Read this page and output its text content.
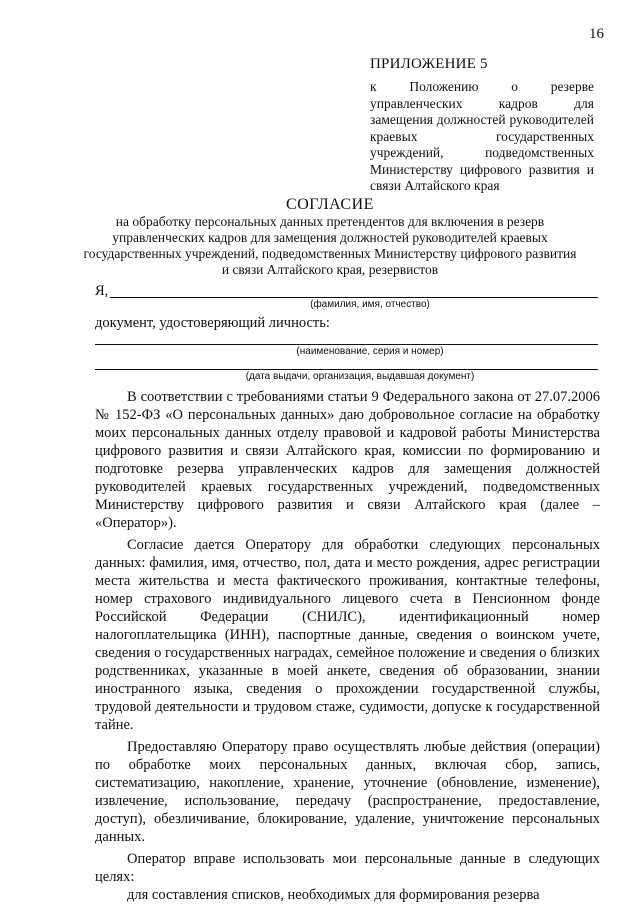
16
ПРИЛОЖЕНИЕ 5
к Положению о резерве управленческих кадров для замещения должностей руководителей краевых государственных учреждений, подведомственных Министерству цифрового развития и связи Алтайского края
СОГЛАСИЕ
на обработку персональных данных претендентов для включения в резерв управленческих кадров для замещения должностей руководителей краевых государственных учреждений, подведомственных Министерству цифрового развития и связи Алтайского края, резервистов
Я,
(фамилия, имя, отчество)
документ, удостоверяющий личность:
(наименование, серия и номер)
(дата выдачи, организация, выдавшая документ)

В соответствии с требованиями статьи 9 Федерального закона от 27.07.2006 № 152-ФЗ «О персональных данных» даю добровольное согласие на обработку моих персональных данных отделу правовой и кадровой работы Министерства цифрового развития и связи Алтайского края, комиссии по формированию и подготовке резерва управленческих кадров для замещения должностей руководителей краевых государственных учреждений, подведомственных Министерству цифрового развития и связи Алтайского края (далее – «Оператор»).

Согласие дается Оператору для обработки следующих персональных данных: фамилия, имя, отчество, пол, дата и место рождения, адрес регистрации места жительства и места фактического проживания, контактные телефоны, номер страхового индивидуального лицевого счета в Пенсионном фонде Российской Федерации (СНИЛС), идентификационный номер налогоплательщика (ИНН), паспортные данные, сведения о воинском учете, сведения о государственных наградах, семейное положение и сведения о близких родственниках, указанные в моей анкете, сведения об образовании, знании иностранного языка, сведения о прохождении государственной службы, трудовой деятельности и трудовом стаже, судимости, допуске к государственной тайне.

Предоставляю Оператору право осуществлять любые действия (операции) по обработке моих персональных данных, включая сбор, запись, систематизацию, накопление, хранение, уточнение (обновление, изменение), извлечение, использование, передачу (распространение, предоставление, доступ), обезличивание, блокирование, удаление, уничтожение персональных данных.

Оператор вправе использовать мои персональные данные в следующих целях:

для составления списков, необходимых для формирования резерва
